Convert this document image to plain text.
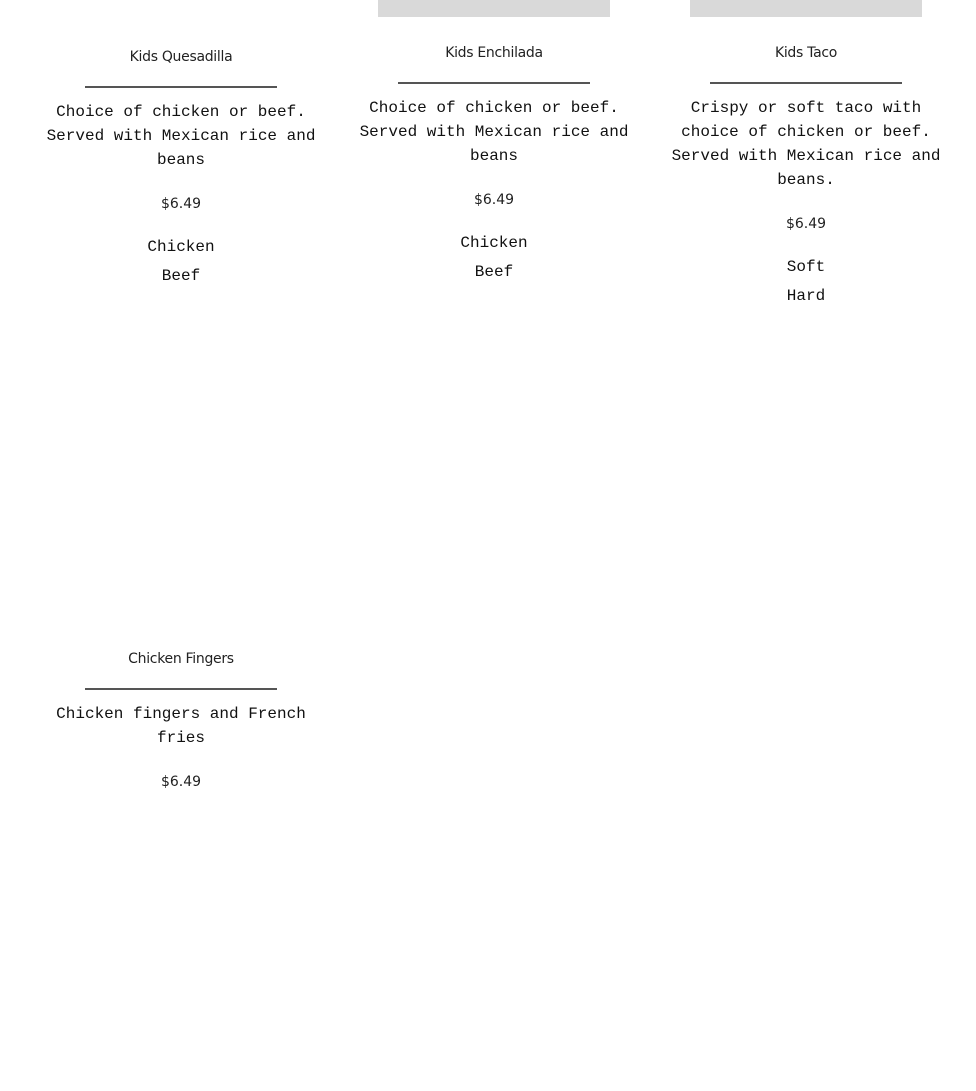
Kids Quesadilla

Choice of chicken or beef. Served with Mexican rice and beans

$6.49

Chicken
Beef
Kids Enchilada

Choice of chicken or beef. Served with Mexican rice and beans

$6.49

Chicken
Beef
Kids Taco

Crispy or soft taco with choice of chicken or beef. Served with Mexican rice and beans.

$6.49

Soft
Hard
Chicken Fingers

Chicken fingers and French fries

$6.49
